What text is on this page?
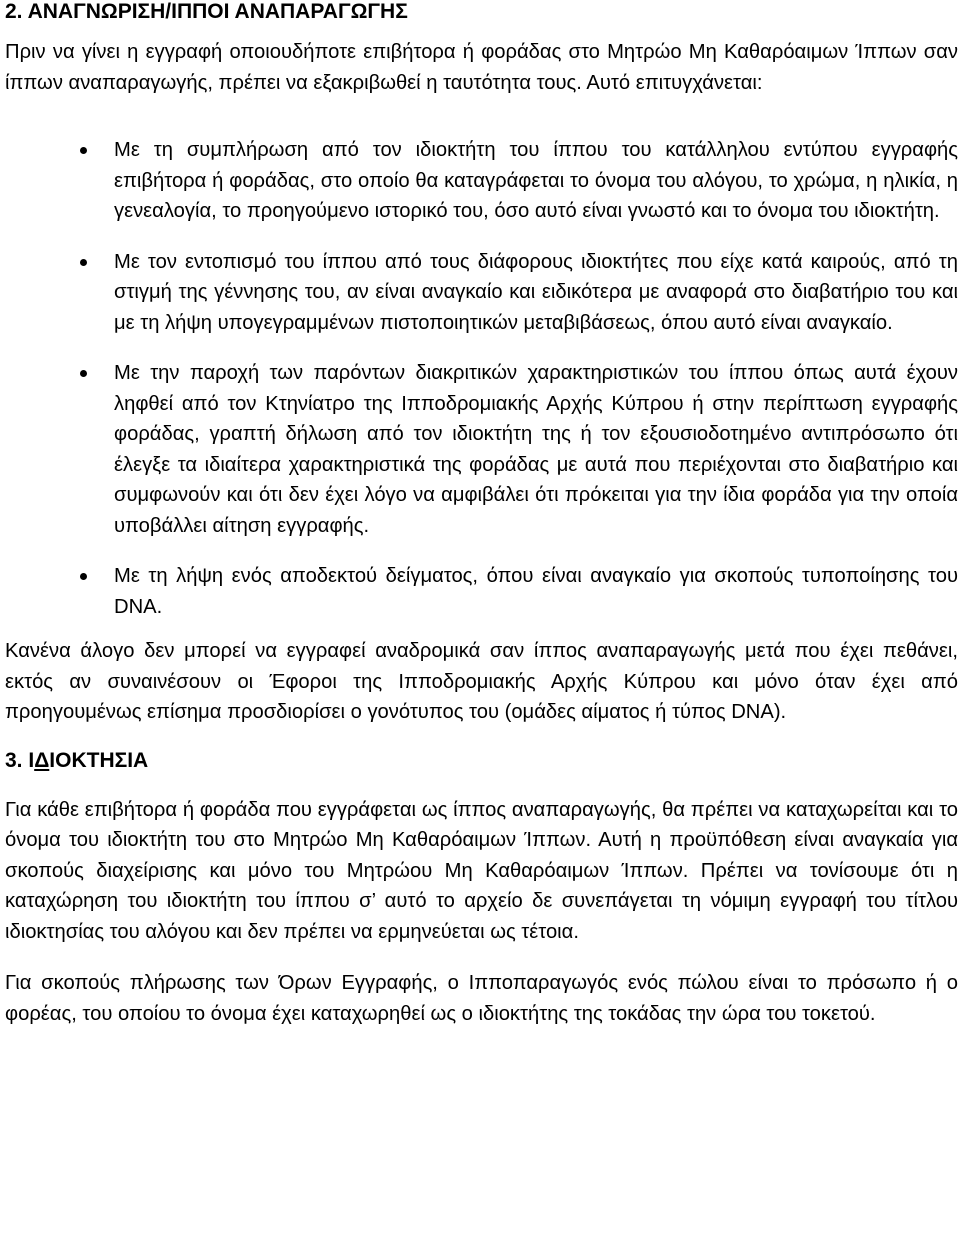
2. ΑΝΑΓΝΩΡΙΣΗ/ΙΠΠΟΙ ΑΝΑΠΑΡΑΓΩΓΗΣ

Πριν να γίνει η εγγραφή οποιουδήποτε επιβήτορα ή φοράδας στο Μητρώο Μη Καθαρόαιμων Ίππων σαν ίππων αναπαραγωγής, πρέπει να εξακριβωθεί η ταυτότητα τους. Αυτό επιτυγχάνεται:

Με τη συμπλήρωση από τον ιδιοκτήτη του ίππου του κατάλληλου εντύπου εγγραφής επιβήτορα ή φοράδας, στο οποίο θα καταγράφεται το όνομα του αλόγου, το χρώμα, η ηλικία, η γενεαλογία, το προηγούμενο ιστορικό του, όσο αυτό είναι γνωστό και το όνομα του ιδιοκτήτη.
Με τον εντοπισμό του ίππου από τους διάφορους ιδιοκτήτες που είχε κατά καιρούς, από τη στιγμή της γέννησης του, αν είναι αναγκαίο και ειδικότερα με αναφορά στο διαβατήριο του και με τη λήψη υπογεγραμμένων πιστοποιητικών μεταβιβάσεως, όπου αυτό είναι αναγκαίο.
Με την παροχή των παρόντων διακριτικών χαρακτηριστικών του ίππου όπως αυτά έχουν ληφθεί από τον Κτηνίατρο της Ιπποδρομιακής Αρχής Κύπρου ή στην περίπτωση εγγραφής φοράδας, γραπτή δήλωση από τον ιδιοκτήτη της ή τον εξουσιοδοτημένο αντιπρόσωπο ότι έλεγξε τα ιδιαίτερα χαρακτηριστικά της φοράδας με αυτά που περιέχονται στο διαβατήριο και συμφωνούν και ότι δεν έχει λόγο να αμφιβάλει ότι πρόκειται για την ίδια φοράδα για την οποία υποβάλλει αίτηση εγγραφής.
Με τη λήψη ενός αποδεκτού δείγματος, όπου είναι αναγκαίο για σκοπούς τυποποίησης του DNA.

Κανένα άλογο δεν μπορεί να εγγραφεί αναδρομικά σαν ίππος αναπαραγωγής μετά που έχει πεθάνει, εκτός αν συναινέσουν οι Έφοροι της Ιπποδρομιακής Αρχής Κύπρου και μόνο όταν έχει από προηγουμένως επίσημα προσδιορίσει ο γονότυπος του (ομάδες αίματος ή τύπος DNA).

3. ΙΔΙΟΚΤΗΣΙΑ

Για κάθε επιβήτορα ή φοράδα που εγγράφεται ως ίππος αναπαραγωγής, θα πρέπει να καταχωρείται και το όνομα του ιδιοκτήτη του στο Μητρώο Μη Καθαρόαιμων Ίππων. Αυτή η προϋπόθεση είναι αναγκαία για σκοπούς διαχείρισης και μόνο του Μητρώου Μη Καθαρόαιμων Ίππων. Πρέπει να τονίσουμε ότι η καταχώρηση του ιδιοκτήτη του ίππου σ’ αυτό το αρχείο δε συνεπάγεται τη νόμιμη εγγραφή του τίτλου ιδιοκτησίας του αλόγου και δεν πρέπει να ερμηνεύεται ως τέτοια.

Για σκοπούς πλήρωσης των Όρων Εγγραφής, ο Ιπποπαραγωγός ενός πώλου είναι το πρόσωπο ή ο φορέας, του οποίου το όνομα έχει καταχωρηθεί ως ο ιδιοκτήτης της τοκάδας την ώρα του τοκετού.
